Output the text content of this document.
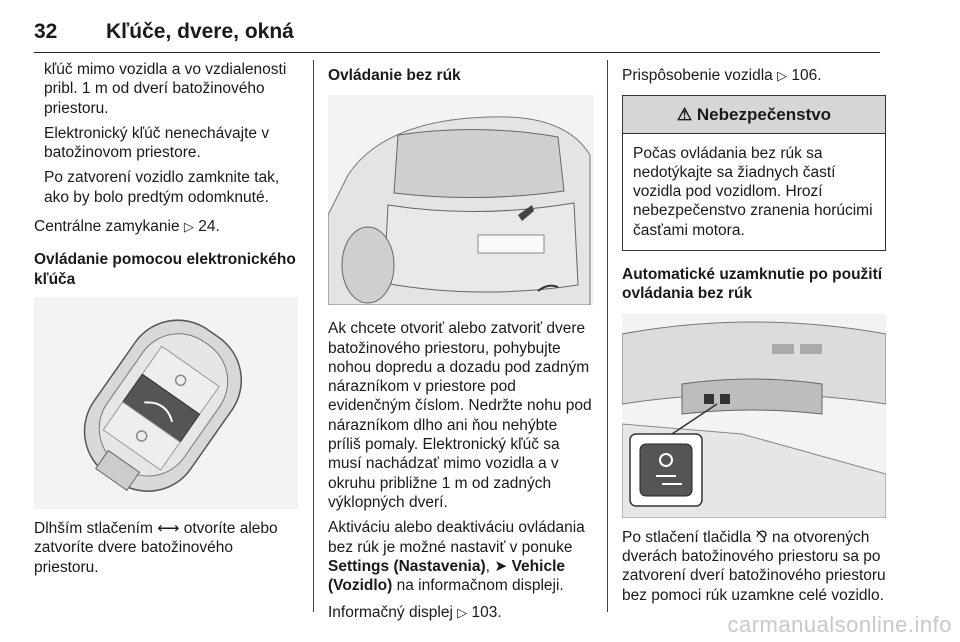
32 Kľúče, dvere, okná

kľúč mimo vozidla a vo vzdialenosti pribl. 1 m od dverí batožinového priestoru.

Elektronický kľúč nenechávajte v batožinovom priestore.

Po zatvorení vozidlo zamknite tak, ako by bolo predtým odomknuté.

Centrálne zamykanie ▷ 24.

Ovládanie pomocou elektronického kľúča

Dlhším stlačením ⟷ otvoríte alebo zatvoríte dvere batožinového priestoru.

Ovládanie bez rúk

Ak chcete otvoriť alebo zatvoriť dvere batožinového priestoru, pohybujte nohou dopredu a dozadu pod zadným nárazníkom v priestore pod evidenčným číslom. Nedržte nohu pod nárazníkom dlho ani ňou nehýbte príliš pomaly. Elektronický kľúč sa musí nachádzať mimo vozidla a v okruhu približne 1 m od zadných výklopných dverí.

Aktiváciu alebo deaktiváciu ovládania bez rúk je možné nastaviť v ponuke Settings (Nastavenia), ➤ Vehicle (Vozidlo) na informačnom displeji.

Informačný displej ▷ 103.

Prispôsobenie vozidla ▷ 106.

⚠ Nebezpečenstvo
Počas ovládania bez rúk sa nedotýkajte sa žiadnych častí vozidla pod vozidlom. Hrozí nebezpečenstvo zranenia horúcimi časťami motora.

Automatické uzamknutie po použití ovládania bez rúk

Po stlačení tlačidla ⅋ na otvorených dverách batožinového priestoru sa po zatvorení dverí batožinového priestoru bez pomoci rúk uzamkne celé vozidlo.

carmanualsonline.info
